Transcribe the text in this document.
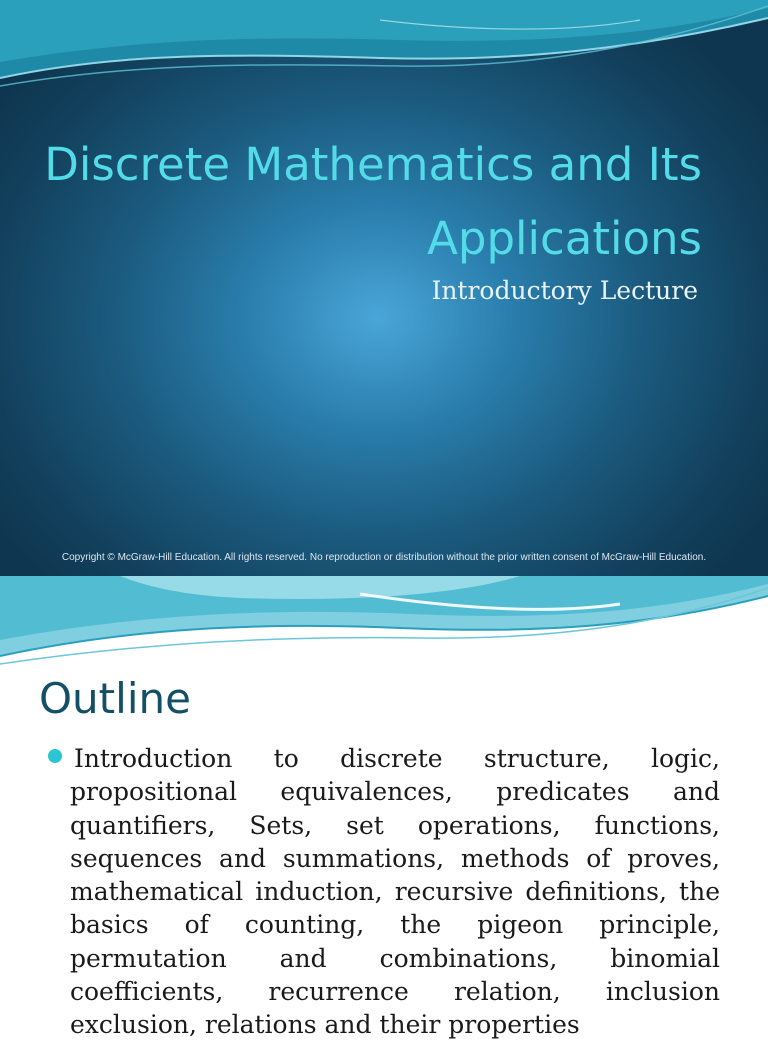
Discrete Mathematics and Its Applications

Introductory Lecture

Copyright © McGraw-Hill Education. All rights reserved. No reproduction or distribution without the prior written consent of McGraw-Hill Education.
Outline

Introduction to discrete structure, logic, propositional equivalences, predicates and quantifiers, Sets, set operations, functions, sequences and summations, methods of proves, mathematical induction, recursive definitions, the basics of counting, the pigeon principle, permutation and combinations, binomial coefficients, recurrence relation, inclusion exclusion, relations and their properties
